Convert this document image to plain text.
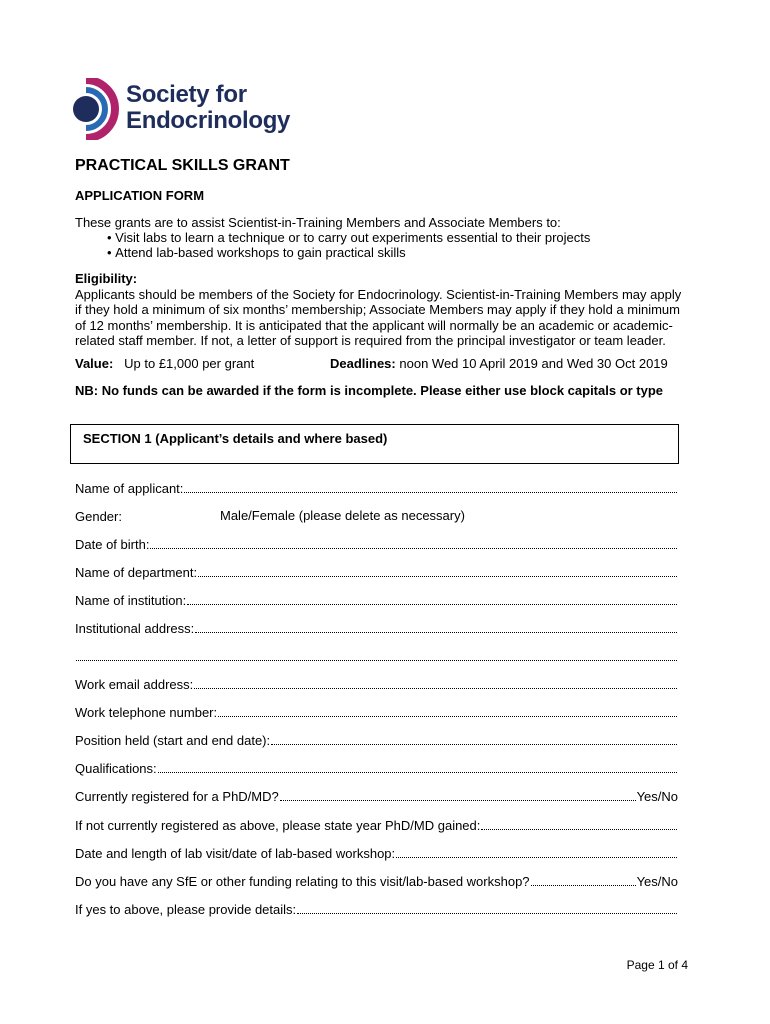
Society for
Endocrinology
PRACTICAL SKILLS GRANT
APPLICATION FORM
These grants are to assist Scientist-in-Training Members and Associate Members to:
• Visit labs to learn a technique or to carry out experiments essential to their projects
• Attend lab-based workshops to gain practical skills
Eligibility:
Applicants should be members of the Society for Endocrinology. Scientist-in-Training Members may apply if they hold a minimum of six months’ membership; Associate Members may apply if they hold a minimum of 12 months’ membership. It is anticipated that the applicant will normally be an academic or academic-related staff member. If not, a letter of support is required from the principal investigator or team leader.
Value: Up to £1,000 per grant	Deadlines: noon Wed 10 April 2019 and Wed 30 Oct 2019
NB: No funds can be awarded if the form is incomplete. Please either use block capitals or type
SECTION 1 (Applicant’s details and where based)
Name of applicant:
Gender:	Male/Female (please delete as necessary)
Date of birth:
Name of department:
Name of institution:
Institutional address:
Work email address:
Work telephone number:
Position held (start and end date):
Qualifications:
Currently registered for a PhD/MD?	Yes/No
If not currently registered as above, please state year PhD/MD gained:
Date and length of lab visit/date of lab-based workshop:
Do you have any SfE or other funding relating to this visit/lab-based workshop?	Yes/No
If yes to above, please provide details:
Page 1 of 4
